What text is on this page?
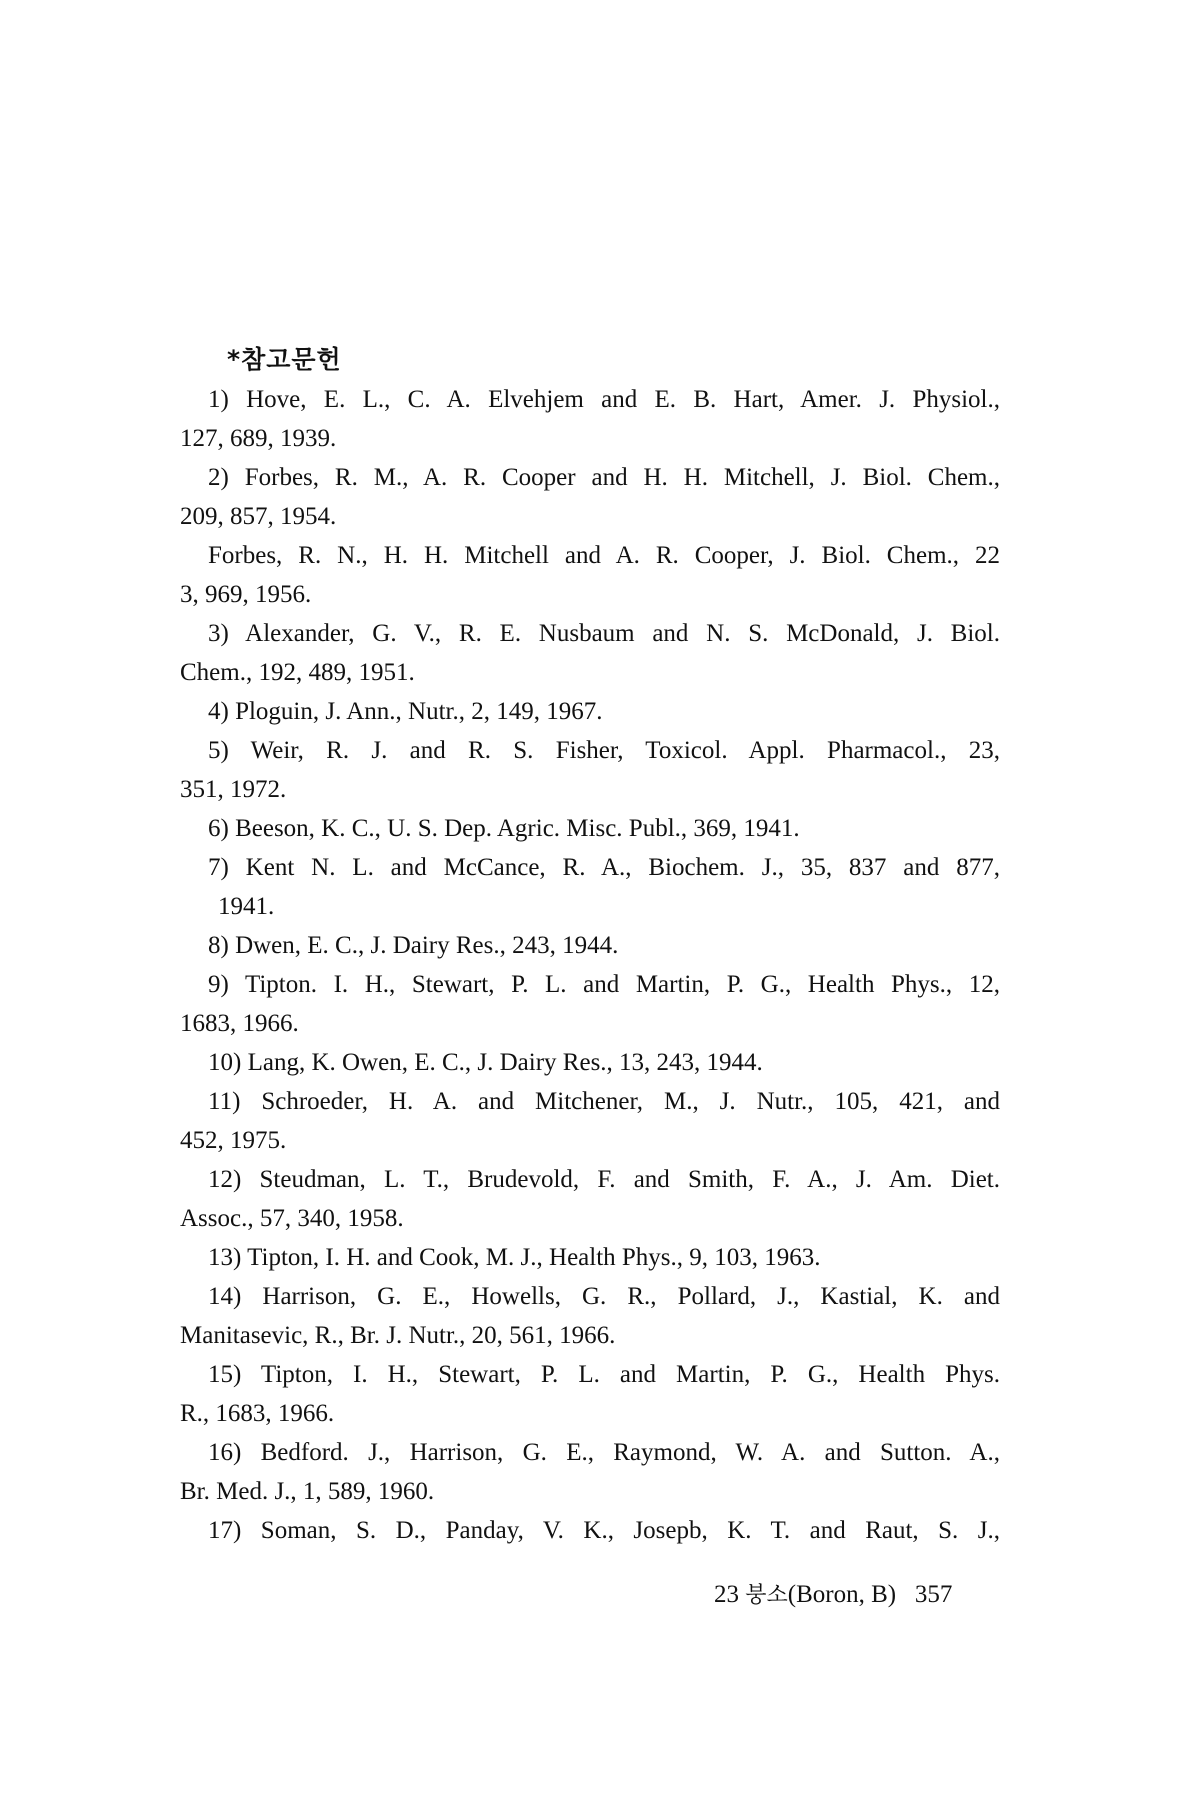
*참고문헌

1) Hove, E. L., C. A. Elvehjem and E. B. Hart, Amer. J. Physiol.,
127, 689, 1939.

2) Forbes, R. M., A. R. Cooper and H. H. Mitchell, J. Biol. Chem.,
209, 857, 1954.

Forbes, R. N., H. H. Mitchell and A. R. Cooper, J. Biol. Chem., 22
3, 969, 1956.

3) Alexander, G. V., R. E. Nusbaum and N. S. McDonald, J. Biol.
Chem., 192, 489, 1951.

4) Ploguin, J. Ann., Nutr., 2, 149, 1967.

5) Weir, R. J. and R. S. Fisher, Toxicol. Appl. Pharmacol., 23,
351, 1972.

6) Beeson, K. C., U. S. Dep. Agric. Misc. Publ., 369, 1941.

7) Kent N. L. and McCance, R. A., Biochem. J., 35, 837 and 877,
1941.

8) Dwen, E. C., J. Dairy Res., 243, 1944.

9) Tipton. I. H., Stewart, P. L. and Martin, P. G., Health Phys., 12,
1683, 1966.

10) Lang, K. Owen, E. C., J. Dairy Res., 13, 243, 1944.

11) Schroeder, H. A. and Mitchener, M., J. Nutr., 105, 421, and
452, 1975.

12) Steudman, L. T., Brudevold, F. and Smith, F. A., J. Am. Diet.
Assoc., 57, 340, 1958.

13) Tipton, I. H. and Cook, M. J., Health Phys., 9, 103, 1963.

14) Harrison, G. E., Howells, G. R., Pollard, J., Kastial, K. and
Manitasevic, R., Br. J. Nutr., 20, 561, 1966.

15) Tipton, I. H., Stewart, P. L. and Martin, P. G., Health Phys.
R., 1683, 1966.

16) Bedford. J., Harrison, G. E., Raymond, W. A. and Sutton. A.,
Br. Med. J., 1, 589, 1960.

17) Soman, S. D., Panday, V. K., Josepb, K. T. and Raut, S. J.,

23 붕소(Boron, B) 357
